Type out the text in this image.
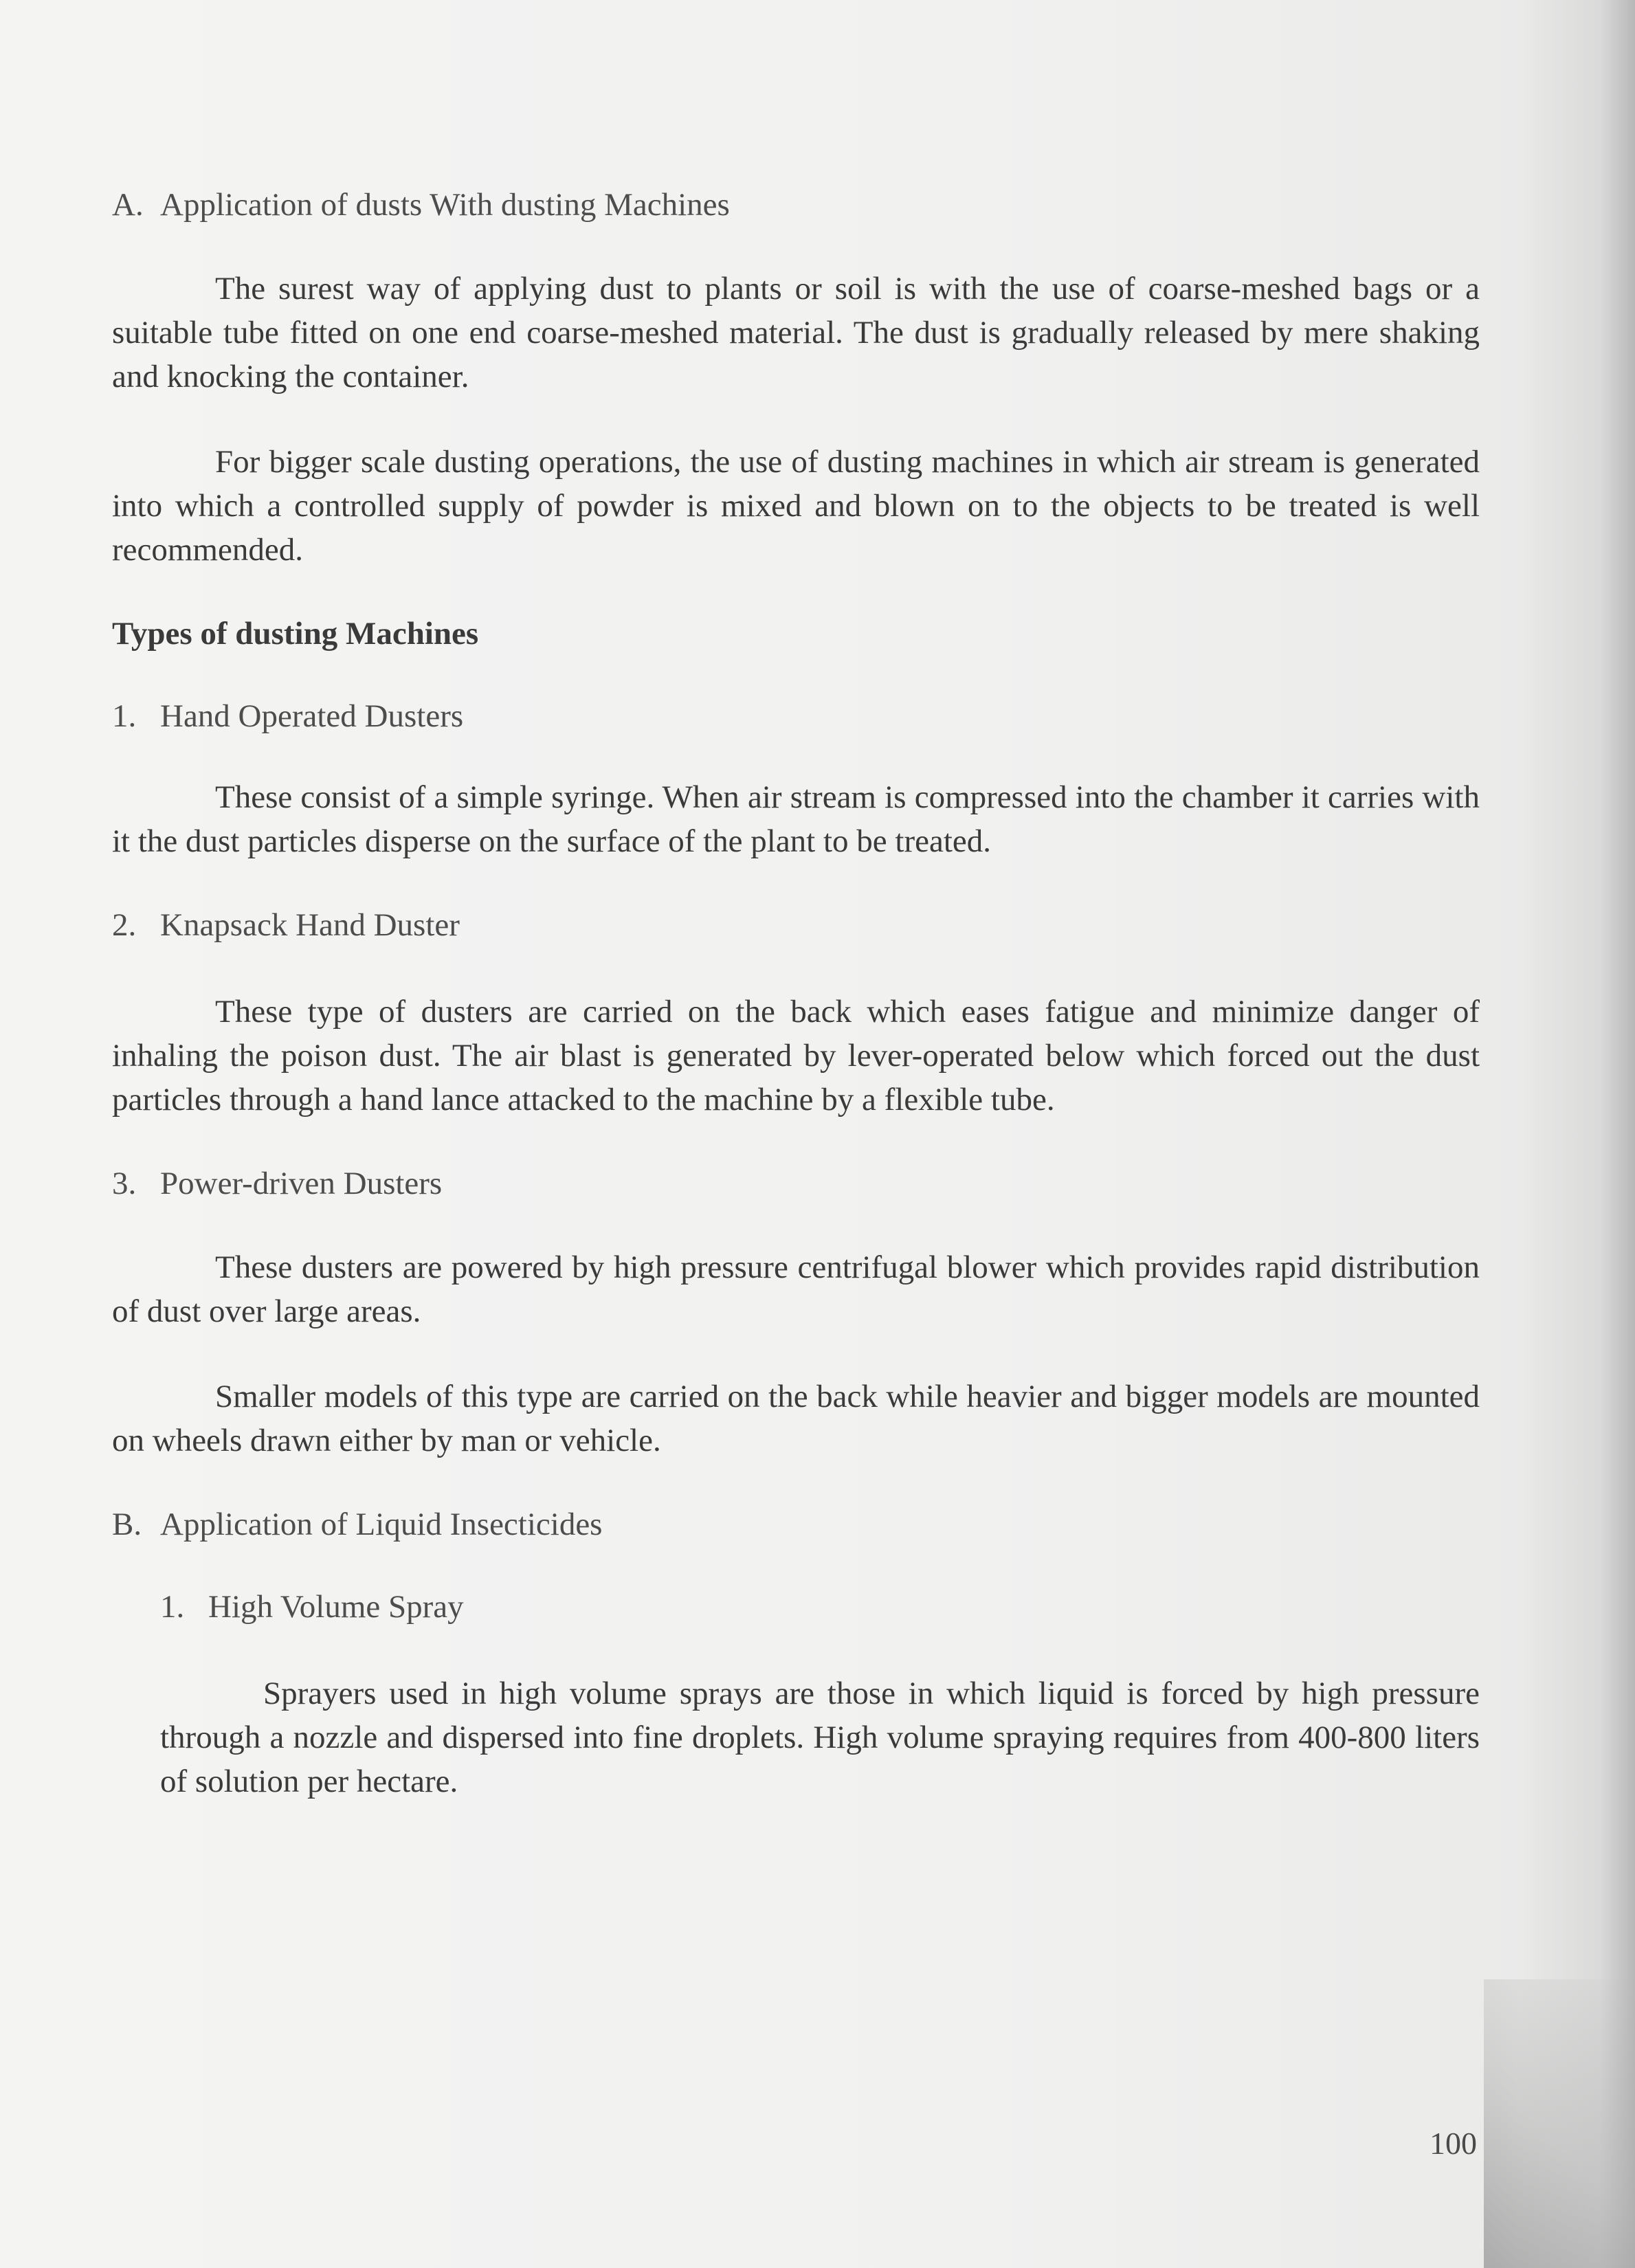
A. Application of dusts With dusting Machines

The surest way of applying dust to plants or soil is with the use of coarse-meshed bags or a suitable tube fitted on one end coarse-meshed material. The dust is gradually released by mere shaking and knocking the container.

For bigger scale dusting operations, the use of dusting machines in which air stream is generated into which a controlled supply of powder is mixed and blown on to the objects to be treated is well recommended.

Types of dusting Machines

1. Hand Operated Dusters

These consist of a simple syringe. When air stream is compressed into the chamber it carries with it the dust particles disperse on the surface of the plant to be treated.

2. Knapsack Hand Duster

These type of dusters are carried on the back which eases fatigue and minimize danger of inhaling the poison dust. The air blast is generated by lever-operated below which forced out the dust particles through a hand lance attacked to the machine by a flexible tube.

3. Power-driven Dusters

These dusters are powered by high pressure centrifugal blower which provides rapid distribution of dust over large areas.

Smaller models of this type are carried on the back while heavier and bigger models are mounted on wheels drawn either by man or vehicle.

B. Application of Liquid Insecticides

1. High Volume Spray

Sprayers used in high volume sprays are those in which liquid is forced by high pressure through a nozzle and dispersed into fine droplets. High volume spraying requires from 400-800 liters of solution per hectare.

100
